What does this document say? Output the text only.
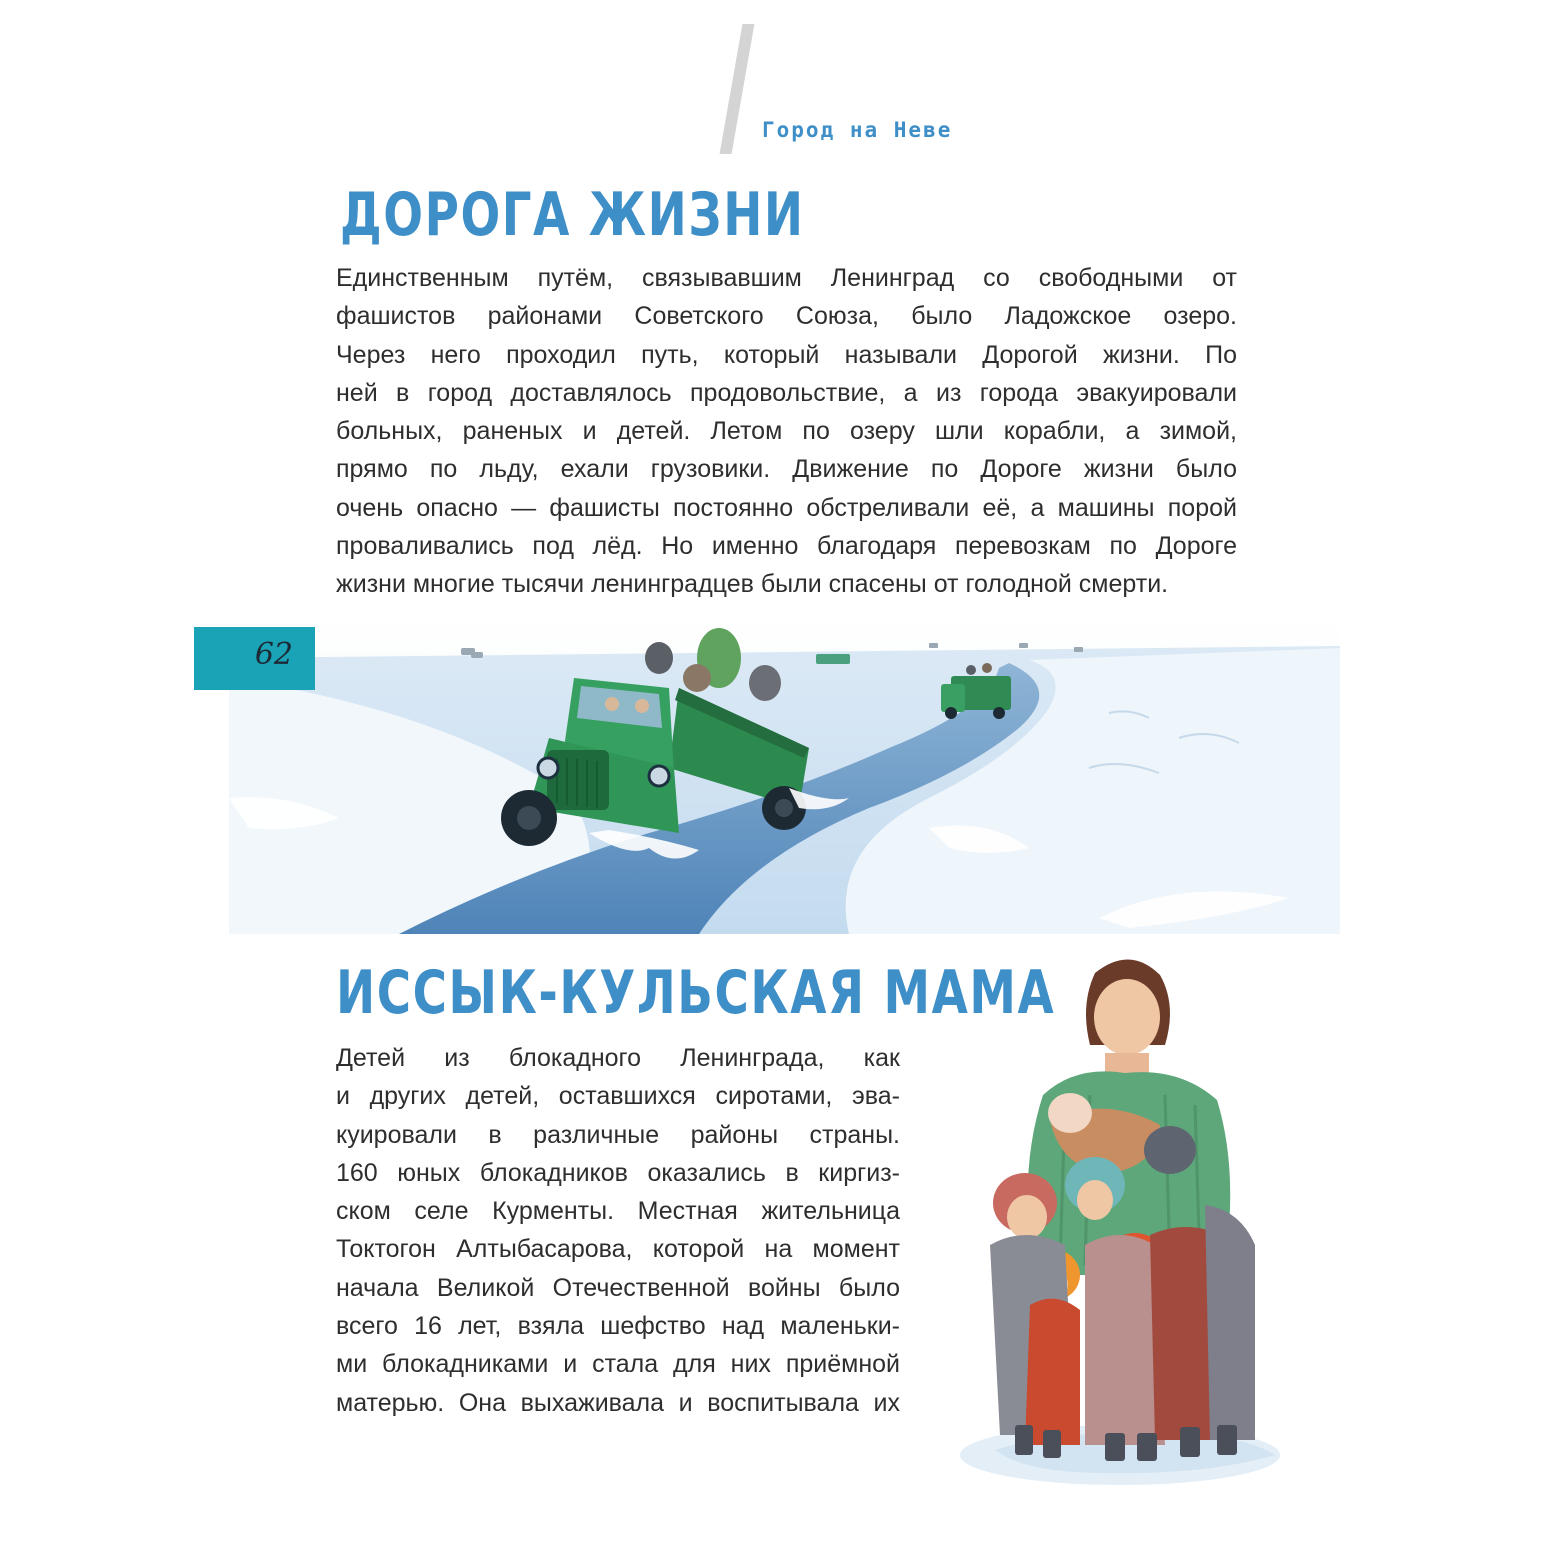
Город на Неве
ДОРОГА ЖИЗНИ

Единственным путём, связывавшим Ленинград со свободными от
фашистов районами Советского Союза, было Ладожское озеро.
Через него проходил путь, который называли Дорогой жизни. По
ней в город доставлялось продовольствие, а из города эвакуировали
больных, раненых и детей. Летом по озеру шли корабли, а зимой,
прямо по льду, ехали грузовики. Движение по Дороге жизни было
очень опасно — фашисты постоянно обстреливали её, а машины порой
проваливались под лёд. Но именно благодаря перевозкам по Дороге
жизни многие тысячи ленинградцев были спасены от голодной смерти.

62
ИССЫК-КУЛЬСКАЯ МАМА

Детей из блокадного Ленинграда, как
и других детей, оставшихся сиротами, эва-
куировали в различные районы страны.
160 юных блокадников оказались в киргиз-
ском селе Курменты. Местная жительница
Токтогон Алтыбасарова, которой на момент
начала Великой Отечественной войны было
всего 16 лет, взяла шефство над маленьки-
ми блокадниками и стала для них приёмной
матерью. Она выхаживала и воспитывала их
